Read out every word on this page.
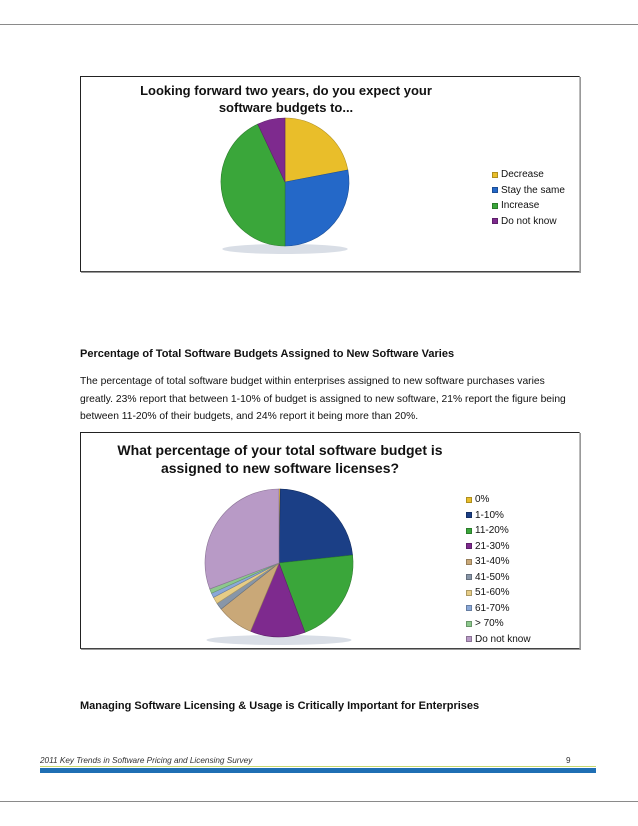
Looking forward two years, do you expect your
software budgets to...
Decrease
Stay the same
Increase
Do not know
Percentage of Total Software Budgets Assigned to New Software Varies
The percentage of total software budget within enterprises assigned to new software purchases varies
greatly. 23% report that between 1-10% of budget is assigned to new software, 21% report the figure being
between 11-20% of their budgets, and 24% report it being more than 20%.
What percentage of your total software budget is
assigned to new software licenses?
0%
1-10%
11-20%
21-30%
31-40%
41-50%
51-60%
61-70%
> 70%
Do not know
Managing Software Licensing & Usage is Critically Important for Enterprises
2011 Key Trends in Software Pricing and Licensing Survey	9
